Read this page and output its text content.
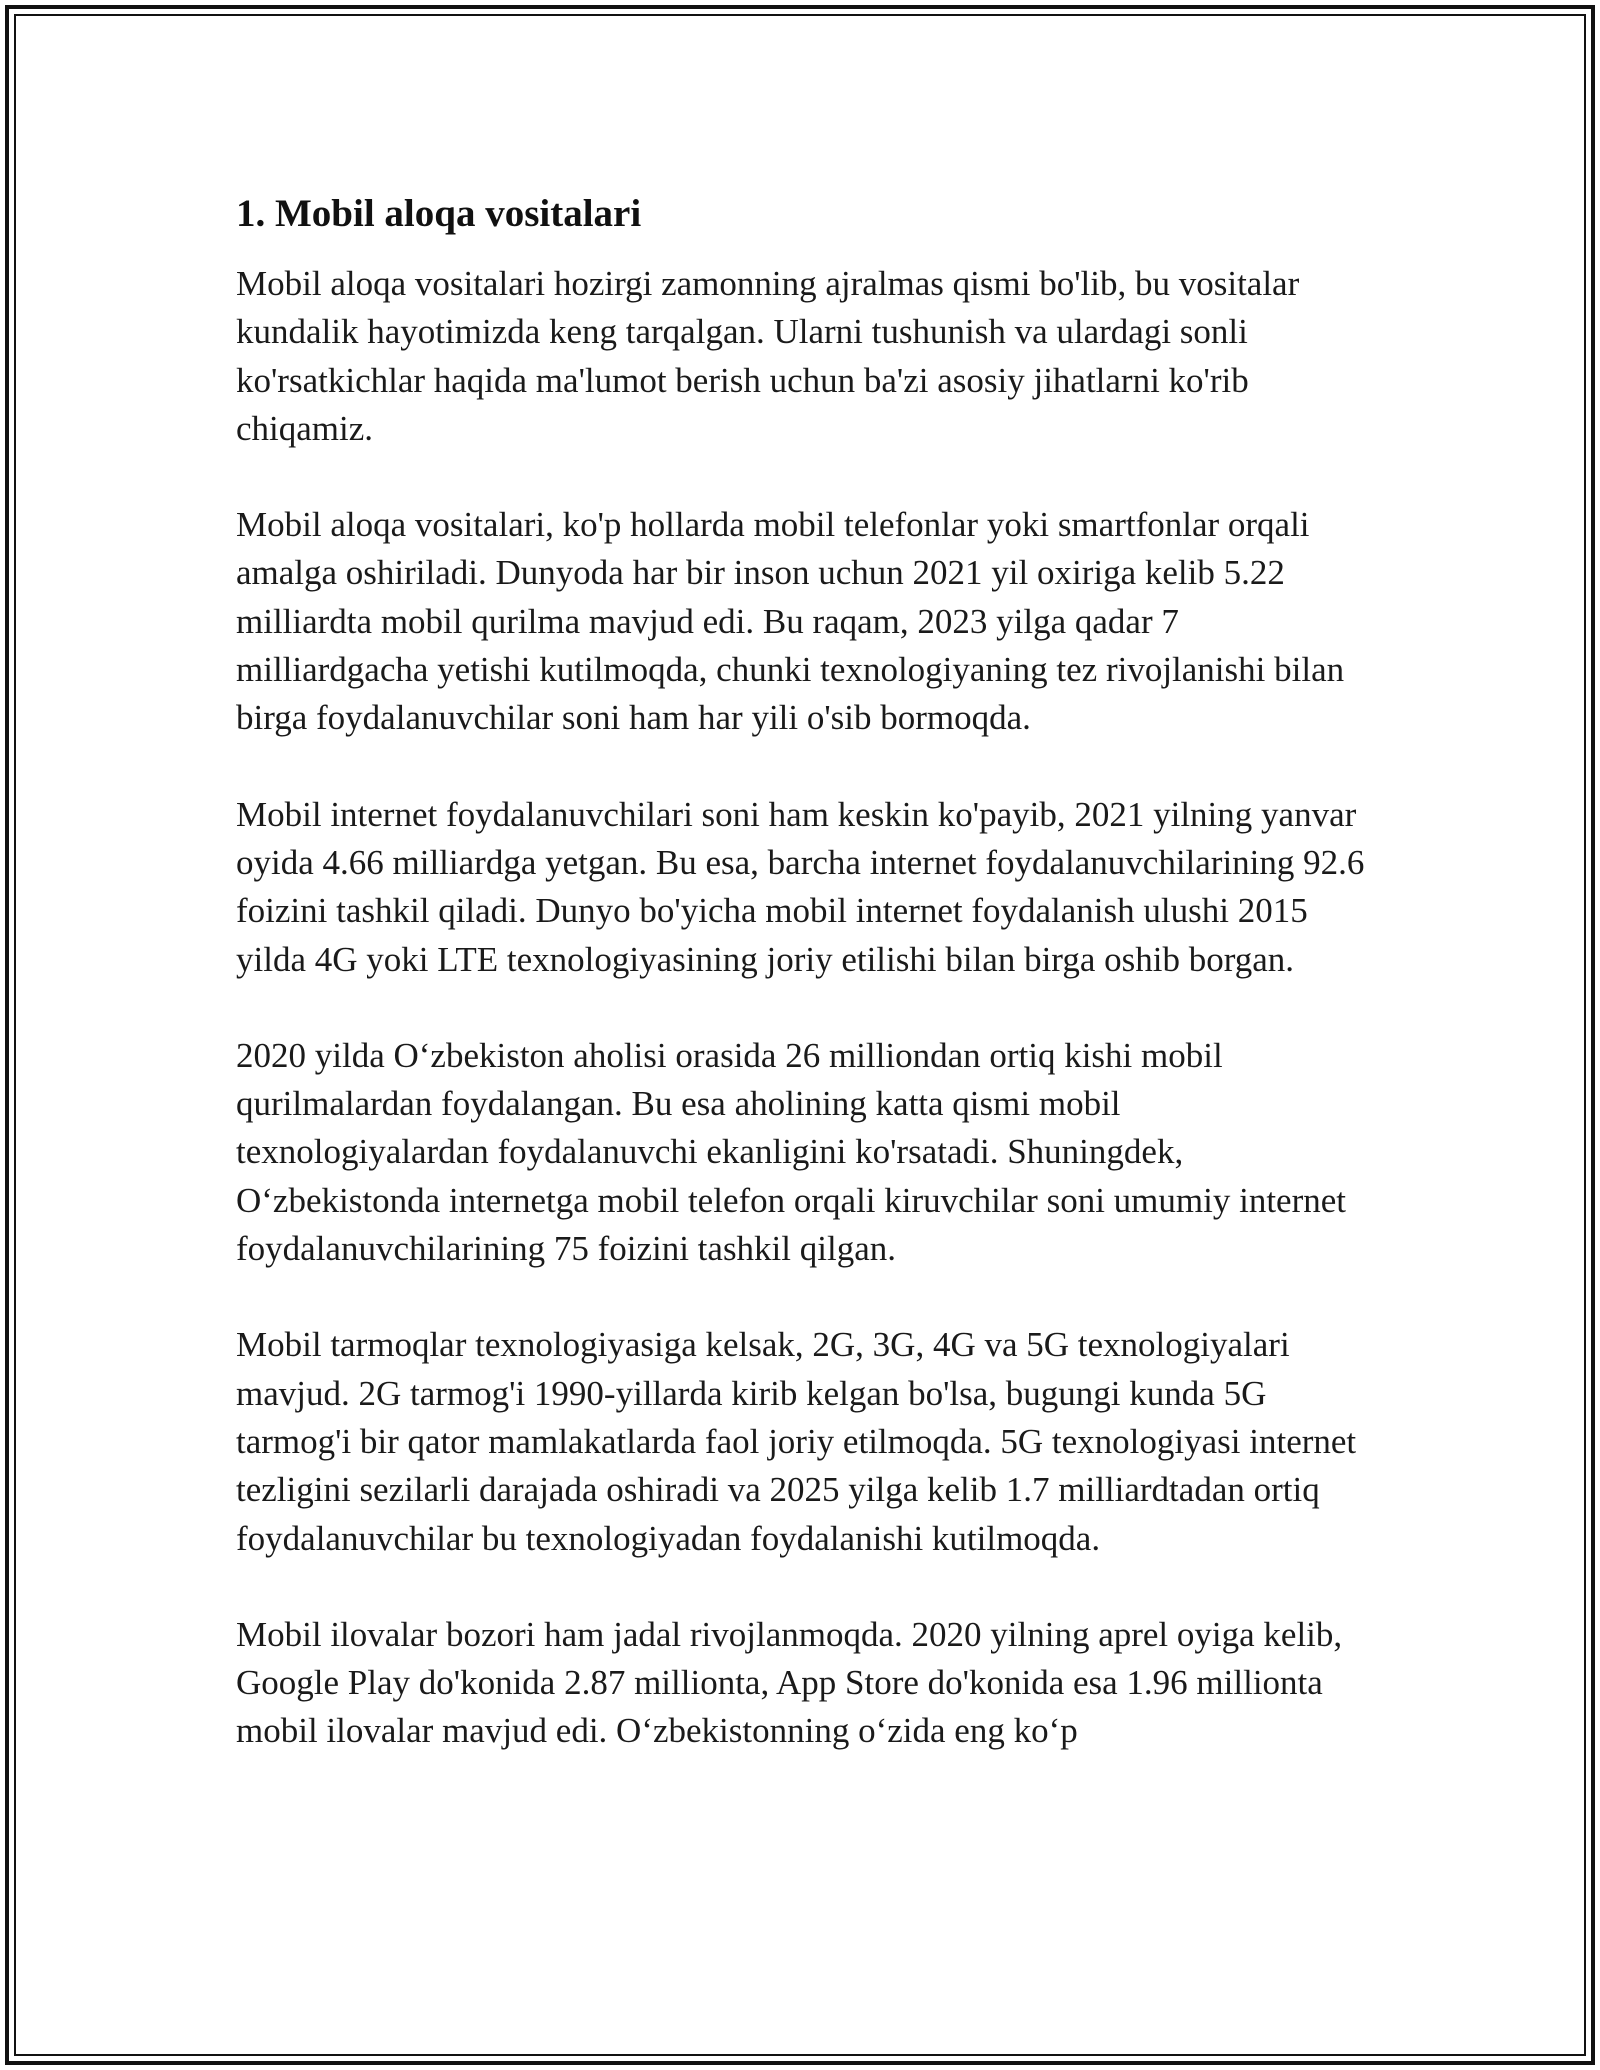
1. Mobil aloqa vositalari

Mobil aloqa vositalari hozirgi zamonning ajralmas qismi bo'lib, bu vositalar kundalik hayotimizda keng tarqalgan. Ularni tushunish va ulardagi sonli ko'rsatkichlar haqida ma'lumot berish uchun ba'zi asosiy jihatlarni ko'rib chiqamiz.

Mobil aloqa vositalari, ko'p hollarda mobil telefonlar yoki smartfonlar orqali amalga oshiriladi. Dunyoda har bir inson uchun 2021 yil oxiriga kelib 5.22 milliardta mobil qurilma mavjud edi. Bu raqam, 2023 yilga qadar 7 milliardgacha yetishi kutilmoqda, chunki texnologiyaning tez rivojlanishi bilan birga foydalanuvchilar soni ham har yili o'sib bormoqda.

Mobil internet foydalanuvchilari soni ham keskin ko'payib, 2021 yilning yanvar oyida 4.66 milliardga yetgan. Bu esa, barcha internet foydalanuvchilarining 92.6 foizini tashkil qiladi. Dunyo bo'yicha mobil internet foydalanish ulushi 2015 yilda 4G yoki LTE texnologiyasining joriy etilishi bilan birga oshib borgan.

2020 yilda O‘zbekiston aholisi orasida 26 milliondan ortiq kishi mobil qurilmalardan foydalangan. Bu esa aholining katta qismi mobil texnologiyalardan foydalanuvchi ekanligini ko'rsatadi. Shuningdek, O‘zbekistonda internetga mobil telefon orqali kiruvchilar soni umumiy internet foydalanuvchilarining 75 foizini tashkil qilgan.

Mobil tarmoqlar texnologiyasiga kelsak, 2G, 3G, 4G va 5G texnologiyalari mavjud. 2G tarmog'i 1990-yillarda kirib kelgan bo'lsa, bugungi kunda 5G tarmog'i bir qator mamlakatlarda faol joriy etilmoqda. 5G texnologiyasi internet tezligini sezilarli darajada oshiradi va 2025 yilga kelib 1.7 milliardtadan ortiq foydalanuvchilar bu texnologiyadan foydalanishi kutilmoqda.

Mobil ilovalar bozori ham jadal rivojlanmoqda. 2020 yilning aprel oyiga kelib, Google Play do'konida 2.87 millionta, App Store do'konida esa 1.96 millionta mobil ilovalar mavjud edi. O‘zbekistonning o‘zida eng ko‘p
